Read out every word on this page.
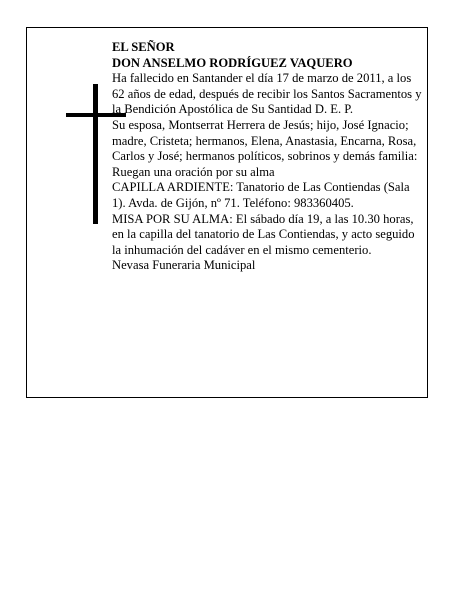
EL SEÑOR

DON ANSELMO RODRÍGUEZ VAQUERO

Ha fallecido en Santander el día 17 de marzo de 2011, a los 62 años de edad, después de recibir los Santos Sacramentos y la Bendición Apostólica de Su Santidad D. E. P.

Su esposa, Montserrat Herrera de Jesús; hijo, José Ignacio; madre, Cristeta; hermanos, Elena, Anastasia, Encarna, Rosa, Carlos y José; hermanos políticos, sobrinos y demás familia:

Ruegan una oración por su alma

CAPILLA ARDIENTE: Tanatorio de Las Contiendas (Sala 1). Avda. de Gijón, nº 71. Teléfono: 983360405.

MISA POR SU ALMA: El sábado día 19, a las 10.30 horas, en la capilla del tanatorio de Las Contiendas, y acto seguido la inhumación del cadáver en el mismo cementerio.

Nevasa Funeraria Municipal
